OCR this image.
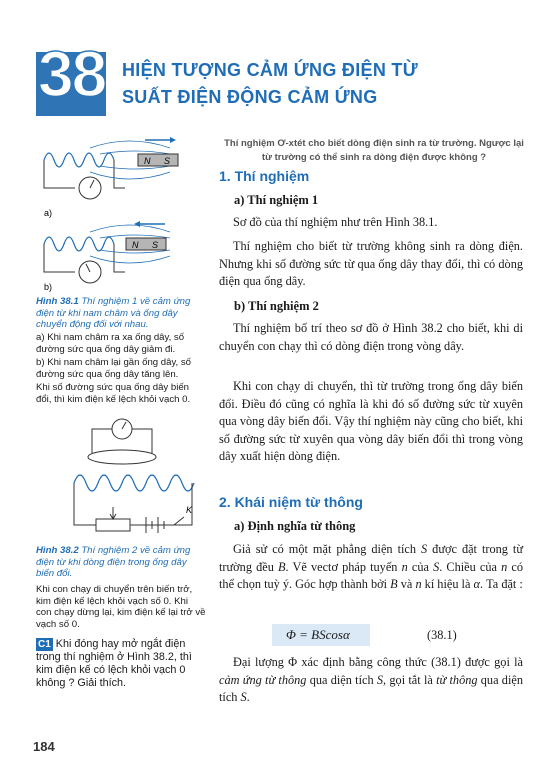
38 HIỆN TƯỢNG CẢM ỨNG ĐIỆN TỪ
SUẤT ĐIỆN ĐỘNG CẢM ỨNG
N S
a)
N S
b)
Hình 38.1 Thí nghiệm 1 về cảm ứng điện từ khi nam châm và ống dây chuyển động đối với nhau.
a) Khi nam châm ra xa ống dây, số đường sức qua ống dây giảm đi.
b) Khi nam châm lại gần ống dây, số đường sức qua ống dây tăng lên.
Khi số đường sức qua ống dây biến đổi, thì kim điện kế lệch khỏi vạch 0.
K
Hình 38.2 Thí nghiệm 2 về cảm ứng điện từ khi dòng điện trong ống dây biến đổi.
Khi con chạy di chuyển trên biến trở, kim điện kế lệch khỏi vạch số 0. Khi con chạy dừng lại, kim điện kế lại trở về vạch số 0.
C1 Khi đóng hay mở ngắt điện trong thí nghiệm ở Hình 38.2, thì kim điện kế có lệch khỏi vạch 0 không ? Giải thích.
Thí nghiệm Ơ-xtét cho biết dòng điện sinh ra từ trường. Ngược lại từ trường có thể sinh ra dòng điện được không ?
1. Thí nghiệm
a) Thí nghiệm 1
Sơ đồ của thí nghiệm như trên Hình 38.1.
Thí nghiệm cho biết từ trường không sinh ra dòng điện. Nhưng khi số đường sức từ qua ống dây thay đổi, thì có dòng điện qua ống dây.
b) Thí nghiệm 2
Thí nghiệm bố trí theo sơ đồ ở Hình 38.2 cho biết, khi di chuyển con chạy thì có dòng điện trong vòng dây.
Khi con chạy di chuyển, thì từ trường trong ống dây biến đổi. Điều đó cũng có nghĩa là khi đó số đường sức từ xuyên qua vòng dây biến đổi. Vậy thí nghiệm này cũng cho biết, khi số đường sức từ xuyên qua vòng dây biến đổi thì trong vòng dây xuất hiện dòng điện.
2. Khái niệm từ thông
a) Định nghĩa từ thông
Giả sử có một mặt phẳng diện tích S được đặt trong từ trường đều B. Vẽ vectơ pháp tuyến n của S. Chiều của n có thể chọn tuỳ ý. Góc hợp thành bởi B và n kí hiệu là α. Ta đặt :
Φ = BScosα	(38.1)
Đại lượng Φ xác định bằng công thức (38.1) được gọi là cảm ứng từ thông qua diện tích S, gọi tắt là từ thông qua diện tích S.
184
